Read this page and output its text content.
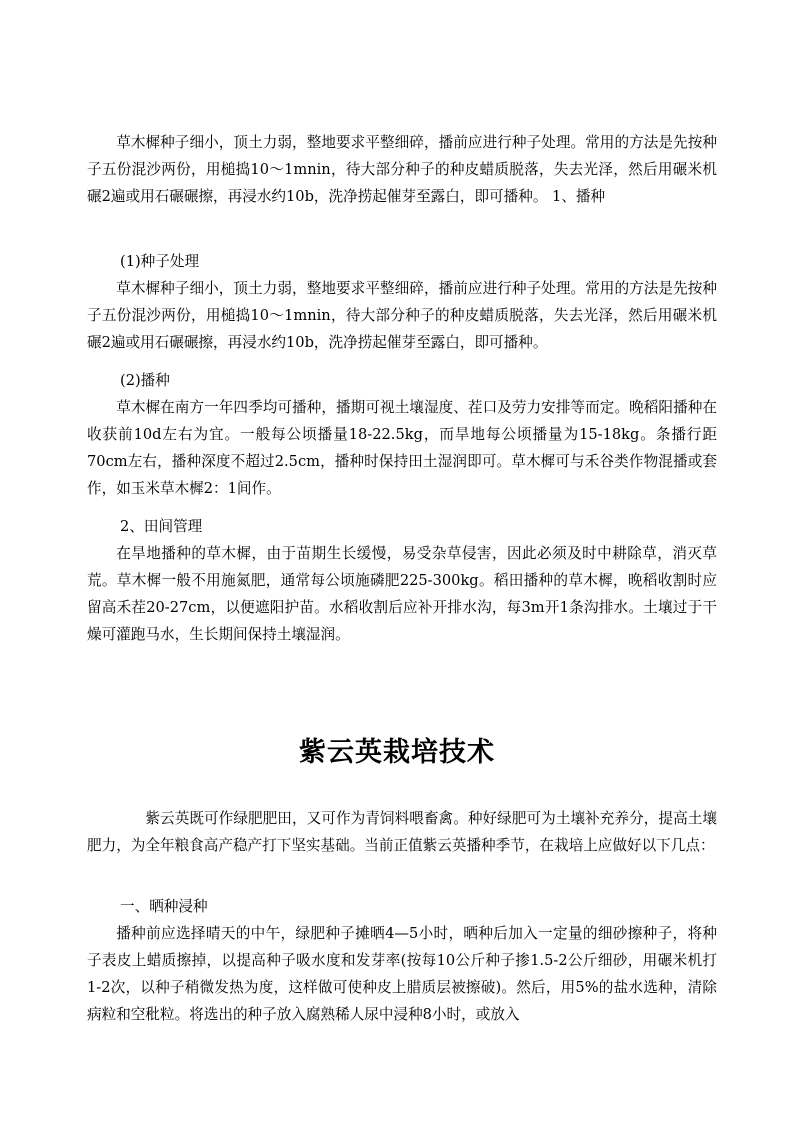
草木樨种子细小，顶土力弱，整地要求平整细碎，播前应进行种子处理。常用的方法是先按种子五份混沙两份，用槌捣10～1mnin，待大部分种子的种皮蜡质脱落，失去光泽，然后用碾米机碾2遍或用石碾碾擦，再浸水约10b，洗净捞起催芽至露白，即可播种。 1、播种

(1)种子处理

草木樨种子细小，顶土力弱，整地要求平整细碎，播前应进行种子处理。常用的方法是先按种子五份混沙两份，用槌捣10～1mnin，待大部分种子的种皮蜡质脱落，失去光泽，然后用碾米机碾2遍或用石碾碾擦，再浸水约10b，洗净捞起催芽至露白，即可播种。

(2)播种

草木樨在南方一年四季均可播种，播期可视土壤湿度、茬口及劳力安排等而定。晚稻阳播种在收获前10d左右为宜。一般每公顷播量18-22.5kg，而旱地每公顷播量为15-18kg。条播行距70cm左右，播种深度不超过2.5cm，播种时保持田土湿润即可。草木樨可与禾谷类作物混播或套作，如玉米草木樨2：1间作。

2、田间管理

在旱地播种的草木樨，由于苗期生长缓慢，易受杂草侵害，因此必须及时中耕除草，消灭草荒。草木樨一般不用施氮肥，通常每公顷施磷肥225-300kg。稻田播种的草木樨，晚稻收割时应留高禾茬20-27cm，以便遮阳护苗。水稻收割后应补开排水沟，每3m开1条沟排水。土壤过于干燥可灌跑马水，生长期间保持土壤湿润。

紫云英栽培技术

紫云英既可作绿肥肥田，又可作为青饲料喂畜禽。种好绿肥可为土壤补充养分，提高土壤肥力，为全年粮食高产稳产打下坚实基础。当前正值紫云英播种季节，在栽培上应做好以下几点：

一、晒种浸种

播种前应选择晴天的中午，绿肥种子摊晒4—5小时，晒种后加入一定量的细砂擦种子，将种子表皮上蜡质擦掉，以提高种子吸水度和发芽率(按每10公斤种子掺1.5-2公斤细砂，用碾米机打1-2次，以种子稍微发热为度，这样做可使种皮上腊质层被擦破)。然后，用5%的盐水选种，清除病粒和空秕粒。将选出的种子放入腐熟稀人尿中浸种8小时，或放入
